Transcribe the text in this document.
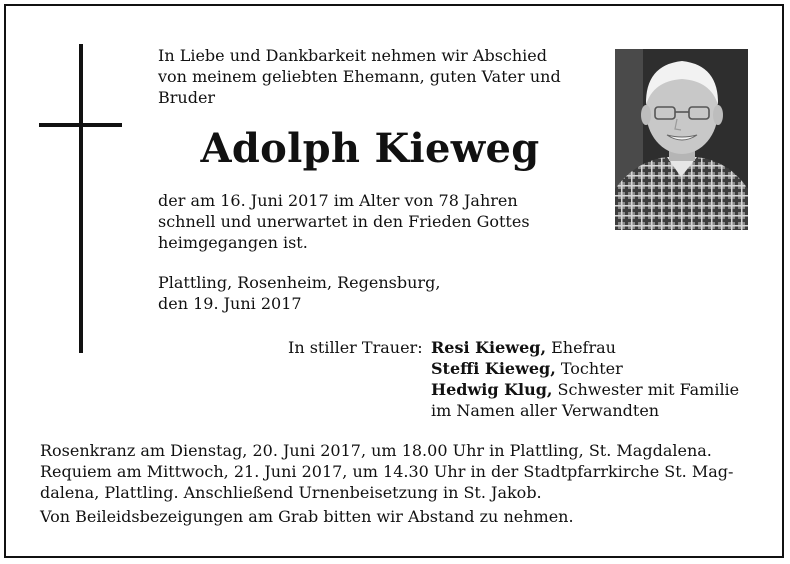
In Liebe und Dankbarkeit nehmen wir Abschied
von meinem geliebten Ehemann, guten Vater und
Bruder
Adolph Kieweg
der am 16. Juni 2017 im Alter von 78 Jahren
schnell und unerwartet in den Frieden Gottes
heimgegangen ist.
Plattling, Rosenheim, Regensburg,
den 19. Juni 2017
In stiller Trauer: Resi Kieweg, Ehefrau
Steffi Kieweg, Tochter
Hedwig Klug, Schwester mit Familie
im Namen aller Verwandten
Rosenkranz am Dienstag, 20. Juni 2017, um 18.00 Uhr in Plattling, St. Magdalena.
Requiem am Mittwoch, 21. Juni 2017, um 14.30 Uhr in der Stadtpfarrkirche St. Mag-
dalena, Plattling. Anschließend Urnenbeisetzung in St. Jakob.
Von Beileidsbezeigungen am Grab bitten wir Abstand zu nehmen.
